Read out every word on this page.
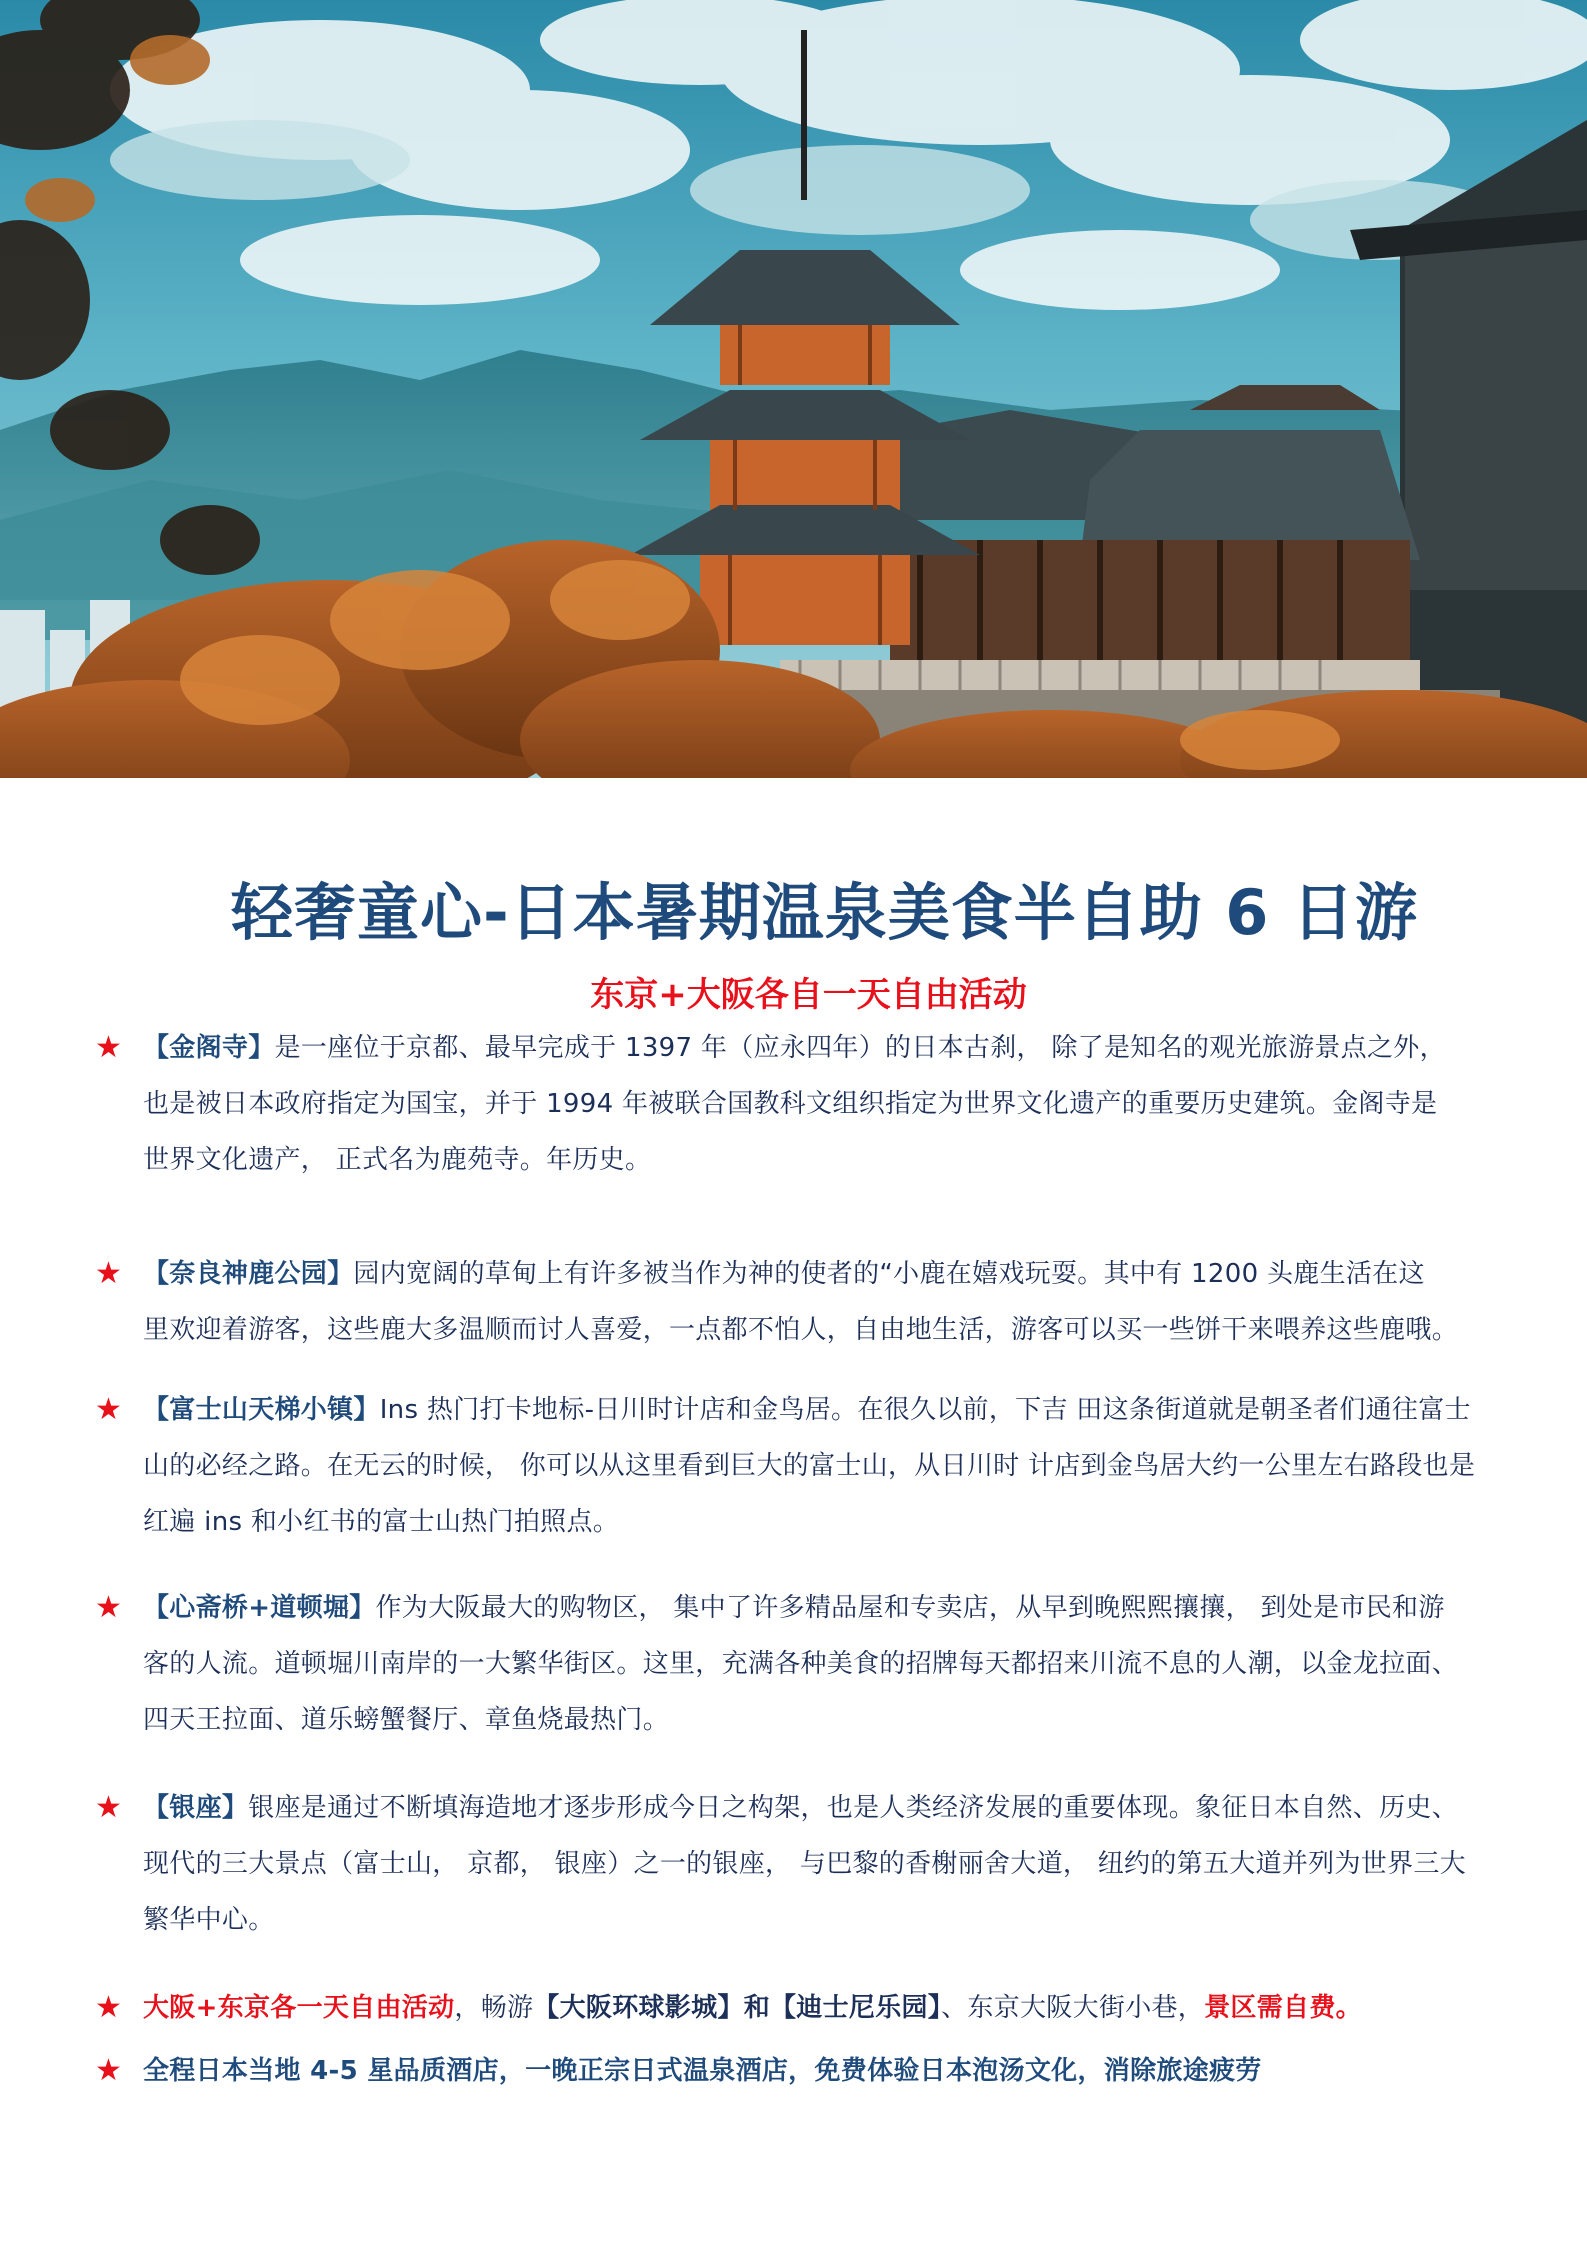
轻奢童心-日本暑期温泉美食半自助 6 日游
东京+大阪各自一天自由活动
★ 【金阁寺】是一座位于京都、最早完成于 1397 年（应永四年）的日本古刹， 除了是知名的观光旅游景点之外，
也是被日本政府指定为国宝，并于 1994 年被联合国教科文组织指定为世界文化遗产的重要历史建筑。金阁寺是
世界文化遗产， 正式名为鹿苑寺。年历史。
★ 【奈良神鹿公园】园内宽阔的草甸上有许多被当作为神的使者的“小鹿在嬉戏玩耍。其中有 1200 头鹿生活在这
里欢迎着游客，这些鹿大多温顺而讨人喜爱，一点都不怕人，自由地生活，游客可以买一些饼干来喂养这些鹿哦。
★ 【富士山天梯小镇】Ins 热门打卡地标-日川时计店和金鸟居。在很久以前，下吉 田这条街道就是朝圣者们通往富士
山的必经之路。在无云的时候， 你可以从这里看到巨大的富士山，从日川时 计店到金鸟居大约一公里左右路段也是
红遍 ins 和小红书的富士山热门拍照点。
★ 【心斋桥+道顿堀】作为大阪最大的购物区， 集中了许多精品屋和专卖店，从早到晚熙熙攘攘， 到处是市民和游
客的人流。道顿堀川南岸的一大繁华街区。这里，充满各种美食的招牌每天都招来川流不息的人潮，以金龙拉面、
四天王拉面、道乐螃蟹餐厅、章鱼烧最热门。
★ 【银座】银座是通过不断填海造地才逐步形成今日之构架，也是人类经济发展的重要体现。象征日本自然、历史、
现代的三大景点（富士山， 京都， 银座）之一的银座， 与巴黎的香榭丽舍大道， 纽约的第五大道并列为世界三大
繁华中心。
★ 大阪+东京各一天自由活动，畅游【大阪环球影城】和【迪士尼乐园】、东京大阪大街小巷，景区需自费。
★ 全程日本当地 4-5 星品质酒店，一晚正宗日式温泉酒店，免费体验日本泡汤文化，消除旅途疲劳
